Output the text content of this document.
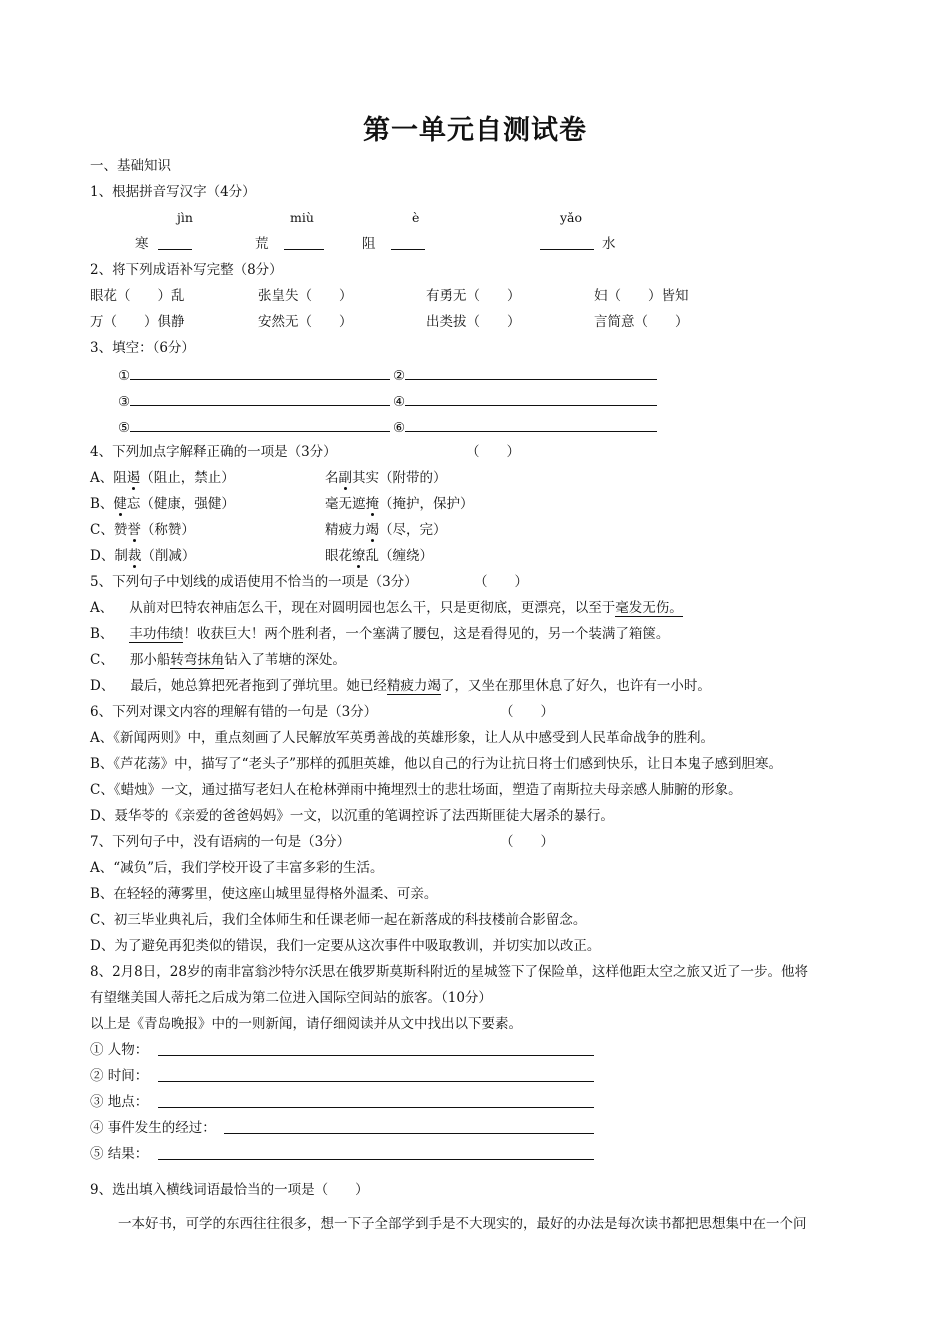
第一单元自测试卷
一、基础知识
1、根据拼音写汉字（4分）
jìn	miù	è	yǎo
寒	荒	阻	水
2、将下列成语补写完整（8分）
眼花（　　）乱	张皇失（　　）	有勇无（　　）	妇（　　）皆知
万（　　）俱静	安然无（　　）	出类拔（　　）	言简意（　　）
3、填空：（6分）
①	②
③	④
⑤	⑥
4、下列加点字解释正确的一项是（3分）	（　　）
A、阻遏（阻止，禁止）	名副其实（附带的）
B、健忘（健康，强健）	毫无遮掩（掩护，保护）
C、赞誉（称赞）	精疲力竭（尽，完）
D、制裁（削减）	眼花缭乱（缠绕）
5、下列句子中划线的成语使用不恰当的一项是（3分）	（　　）
A、 从前对巴特农神庙怎么干，现在对圆明园也怎么干，只是更彻底，更漂亮，以至于毫发无伤。
B、 丰功伟绩！收获巨大！两个胜利者，一个塞满了腰包，这是看得见的，另一个装满了箱箧。
C、 那小船转弯抹角钻入了苇塘的深处。
D、 最后，她总算把死者拖到了弹坑里。她已经精疲力竭了，又坐在那里休息了好久，也许有一小时。
6、下列对课文内容的理解有错的一句是（3分）	（　　）
A、《新闻两则》中，重点刻画了人民解放军英勇善战的英雄形象，让人从中感受到人民革命战争的胜利。
B、《芦花荡》中，描写了“老头子”那样的孤胆英雄，他以自己的行为让抗日将士们感到快乐，让日本鬼子感到胆寒。
C、《蜡烛》一文，通过描写老妇人在枪林弹雨中掩埋烈士的悲壮场面，塑造了南斯拉夫母亲感人肺腑的形象。
D、聂华苓的《亲爱的爸爸妈妈》一文，以沉重的笔调控诉了法西斯匪徒大屠杀的暴行。
7、下列句子中，没有语病的一句是（3分）	（　　）
A、“减负”后，我们学校开设了丰富多彩的生活。
B、在轻轻的薄雾里，使这座山城里显得格外温柔、可亲。
C、初三毕业典礼后，我们全体师生和任课老师一起在新落成的科技楼前合影留念。
D、为了避免再犯类似的错误，我们一定要从这次事件中吸取教训，并切实加以改正。
8、2月8日，28岁的南非富翁沙特尔沃思在俄罗斯莫斯科附近的星城签下了保险单，这样他距太空之旅又近了一步。他将
有望继美国人蒂托之后成为第二位进入国际空间站的旅客。（10分）
以上是《青岛晚报》中的一则新闻，请仔细阅读并从文中找出以下要素。
① 人物：
② 时间：
③ 地点：
④ 事件发生的经过：
⑤ 结果：
9、选出填入横线词语最恰当的一项是（　　）
一本好书，可学的东西往往很多，想一下子全部学到手是不大现实的，最好的办法是每次读书都把思想集中在一个问
